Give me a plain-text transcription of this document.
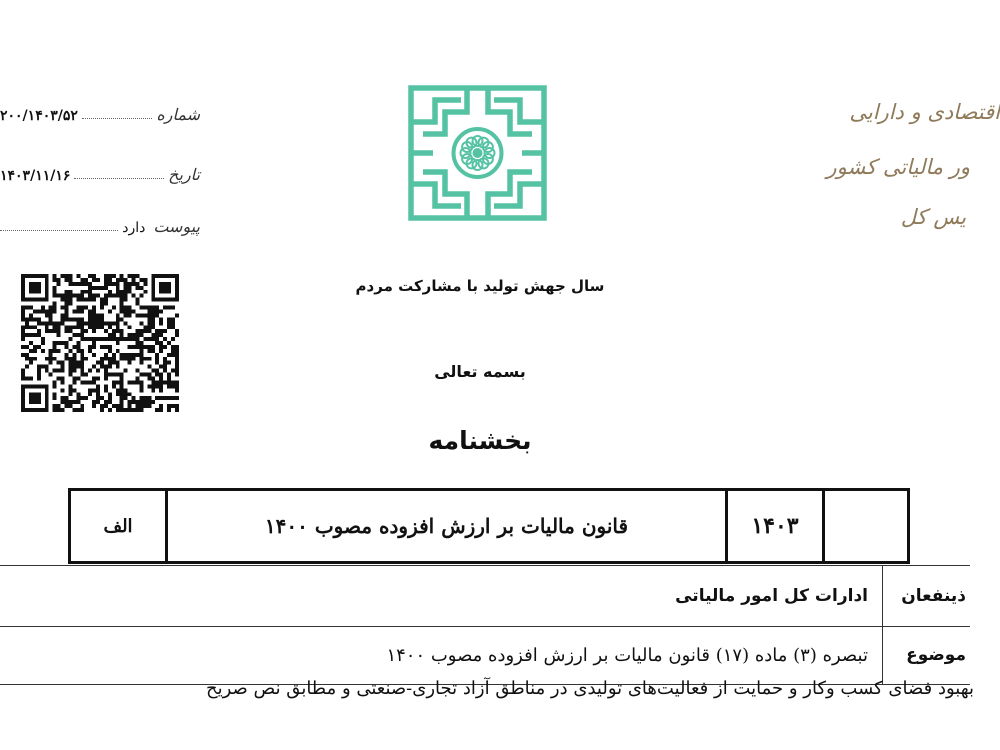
شماره
۲۰۰/۱۴۰۳/۵۲
تاریخ
۱۴۰۳/۱۱/۱۶
پیوست
دارد
اقتصادی و دارایی
ور مالیاتی کشور
یس کل
سال جهش تولید با مشارکت مردم
بسمه تعالی
بخشنامه
	۱۴۰۳	قانون مالیات بر ارزش افزوده مصوب ۱۴۰۰	الف
ذینفعان
ادارات کل امور مالیاتی
موضوع
تبصره (۳) ماده (۱۷) قانون مالیات بر ارزش افزوده مصوب ۱۴۰۰
بهبود فضای کسب وکار و حمایت از فعالیت‌های تولیدی در مناطق آزاد تجاری-صنعتی و مطابق نص صریح
